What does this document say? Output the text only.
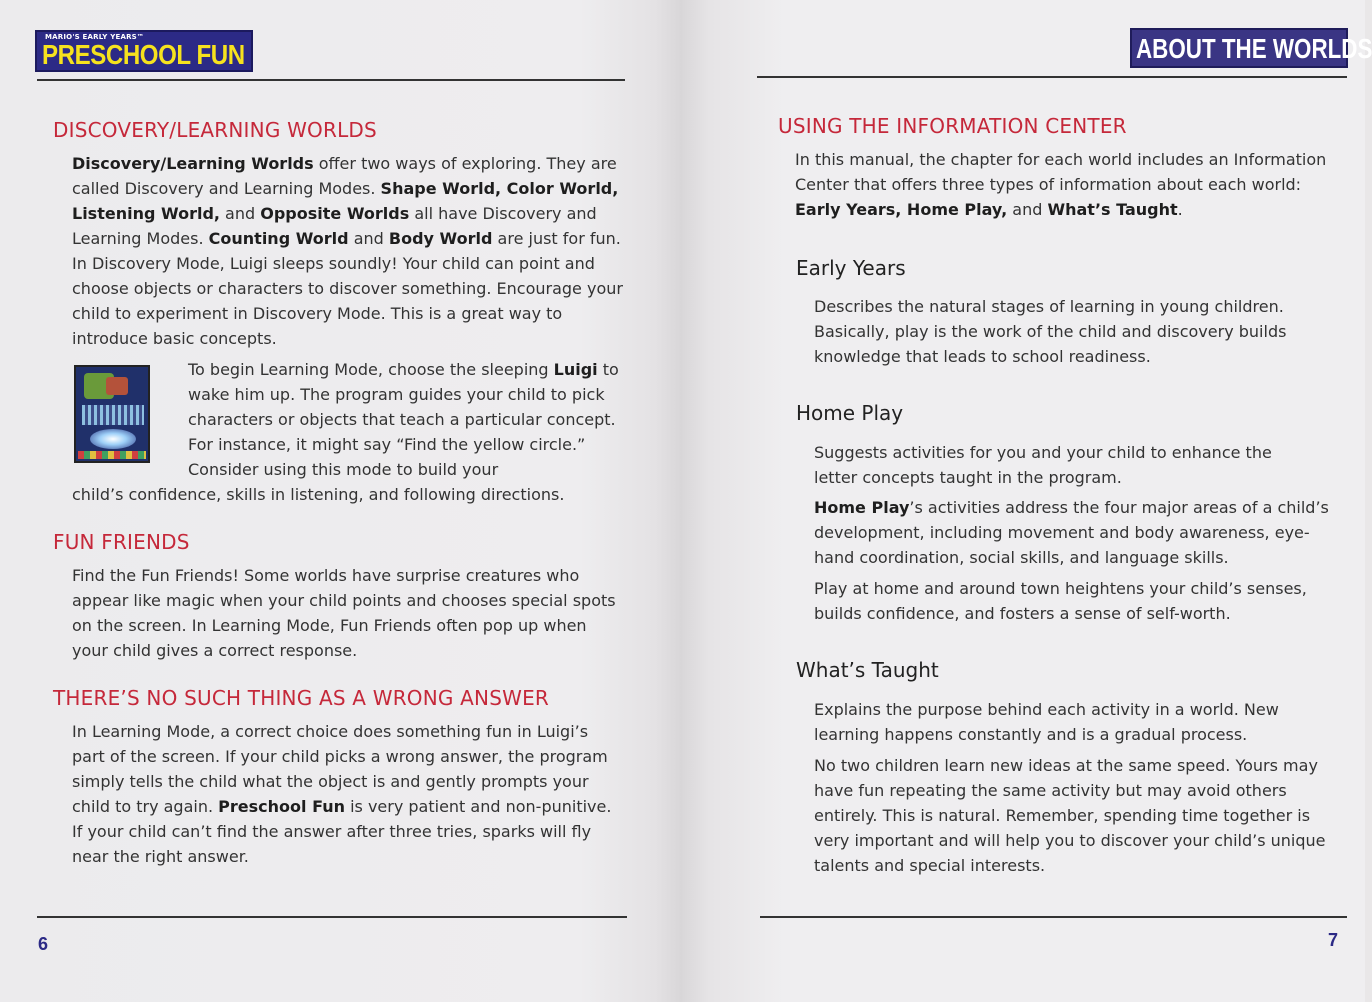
MARIO'S EARLY YEARS™
PRESCHOOL FUN
DISCOVERY/LEARNING WORLDS

Discovery/Learning Worlds offer two ways of exploring. They are called Discovery and Learning Modes. Shape World, Color World, Listening World, and Opposite Worlds all have Discovery and Learning Modes. Counting World and Body World are just for fun. In Discovery Mode, Luigi sleeps soundly! Your child can point and choose objects or characters to discover something. Encourage your child to experiment in Discovery Mode. This is a great way to introduce basic concepts.

To begin Learning Mode, choose the sleeping Luigi to wake him up. The program guides your child to pick characters or objects that teach a particular concept. For instance, it might say “Find the yellow circle.” Consider using this mode to build your

child’s confidence, skills in listening, and following directions.

FUN FRIENDS

Find the Fun Friends! Some worlds have surprise creatures who appear like magic when your child points and chooses special spots on the screen. In Learning Mode, Fun Friends often pop up when your child gives a correct response.

THERE’S NO SUCH THING AS A WRONG ANSWER

In Learning Mode, a correct choice does something fun in Luigi’s part of the screen. If your child picks a wrong answer, the program simply tells the child what the object is and gently prompts your child to try again. Preschool Fun is very patient and non-punitive. If your child can’t find the answer after three tries, sparks will fly near the right answer.

6

ABOUT THE WORLDS
USING THE INFORMATION CENTER

In this manual, the chapter for each world includes an Information Center that offers three types of information about each world: Early Years, Home Play, and What’s Taught.

Early Years

Describes the natural stages of learning in young children. Basically, play is the work of the child and discovery builds knowledge that leads to school readiness.

Home Play

Suggests activities for you and your child to enhance the letter concepts taught in the program.

Home Play’s activities address the four major areas of a child’s development, including movement and body awareness, eye-hand coordination, social skills, and language skills.

Play at home and around town heightens your child’s senses, builds confidence, and fosters a sense of self-worth.

What’s Taught

Explains the purpose behind each activity in a world. New learning happens constantly and is a gradual process.

No two children learn new ideas at the same speed. Yours may have fun repeating the same activity but may avoid others entirely. This is natural. Remember, spending time together is very important and will help you to discover your child’s unique talents and special interests.

7
